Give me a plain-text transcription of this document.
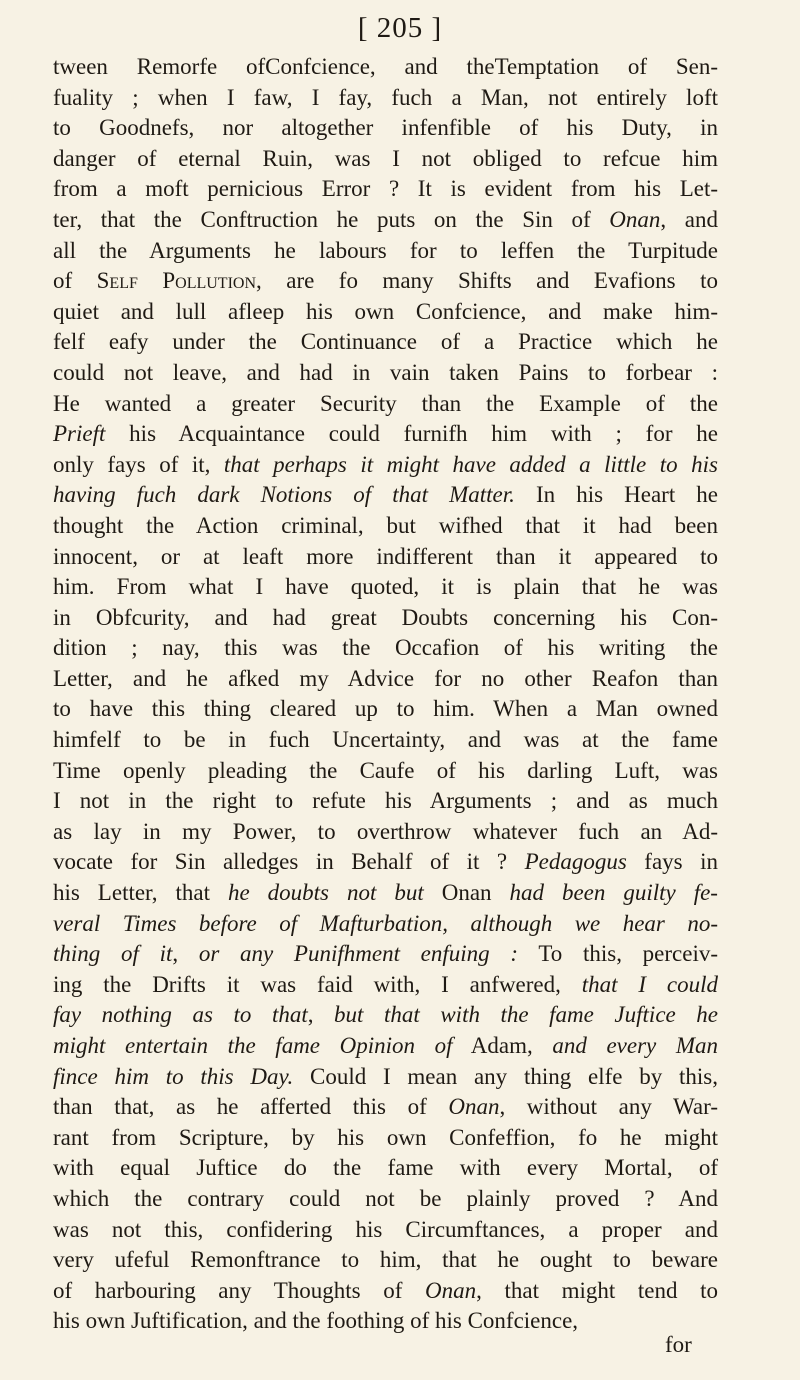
[ 205 ]
tween Remorfe ofConfcience, and theTemptation of Sen-
fuality ; when I faw, I fay, fuch a Man, not entirely loft
to Goodnefs, nor altogether infenfible of his Duty, in
danger of eternal Ruin, was I not obliged to refcue him
from a moft pernicious Error ? It is evident from his Let-
ter, that the Conftruction he puts on the Sin of Onan, and
all the Arguments he labours for to leffen the Turpitude
of Self Pollution, are fo many Shifts and Evafions to
quiet and lull afleep his own Confcience, and make him-
felf eafy under the Continuance of a Practice which he
could not leave, and had in vain taken Pains to forbear :
He wanted a greater Security than the Example of the
Prieft his Acquaintance could furnifh him with ; for he
only fays of it, that perhaps it might have added a little to his
having fuch dark Notions of that Matter. In his Heart he
thought the Action criminal, but wifhed that it had been
innocent, or at leaft more indifferent than it appeared to
him. From what I have quoted, it is plain that he was
in Obfcurity, and had great Doubts concerning his Con-
dition ; nay, this was the Occafion of his writing the
Letter, and he afked my Advice for no other Reafon than
to have this thing cleared up to him. When a Man owned
himfelf to be in fuch Uncertainty, and was at the fame
Time openly pleading the Caufe of his darling Luft, was
I not in the right to refute his Arguments ; and as much
as lay in my Power, to overthrow whatever fuch an Ad-
vocate for Sin alledges in Behalf of it ? Pedagogus fays in
his Letter, that he doubts not but Onan had been guilty fe-
veral Times before of Mafturbation, although we hear no-
thing of it, or any Punifhment enfuing : To this, perceiv-
ing the Drifts it was faid with, I anfwered, that I could
fay nothing as to that, but that with the fame Juftice he
might entertain the fame Opinion of Adam, and every Man
fince him to this Day. Could I mean any thing elfe by this,
than that, as he afferted this of Onan, without any War-
rant from Scripture, by his own Confeffion, fo he might
with equal Juftice do the fame with every Mortal, of
which the contrary could not be plainly proved ? And
was not this, confidering his Circumftances, a proper and
very ufeful Remonftrance to him, that he ought to beware
of harbouring any Thoughts of Onan, that might tend to
his own Juftification, and the foothing of his Confcience,
for
